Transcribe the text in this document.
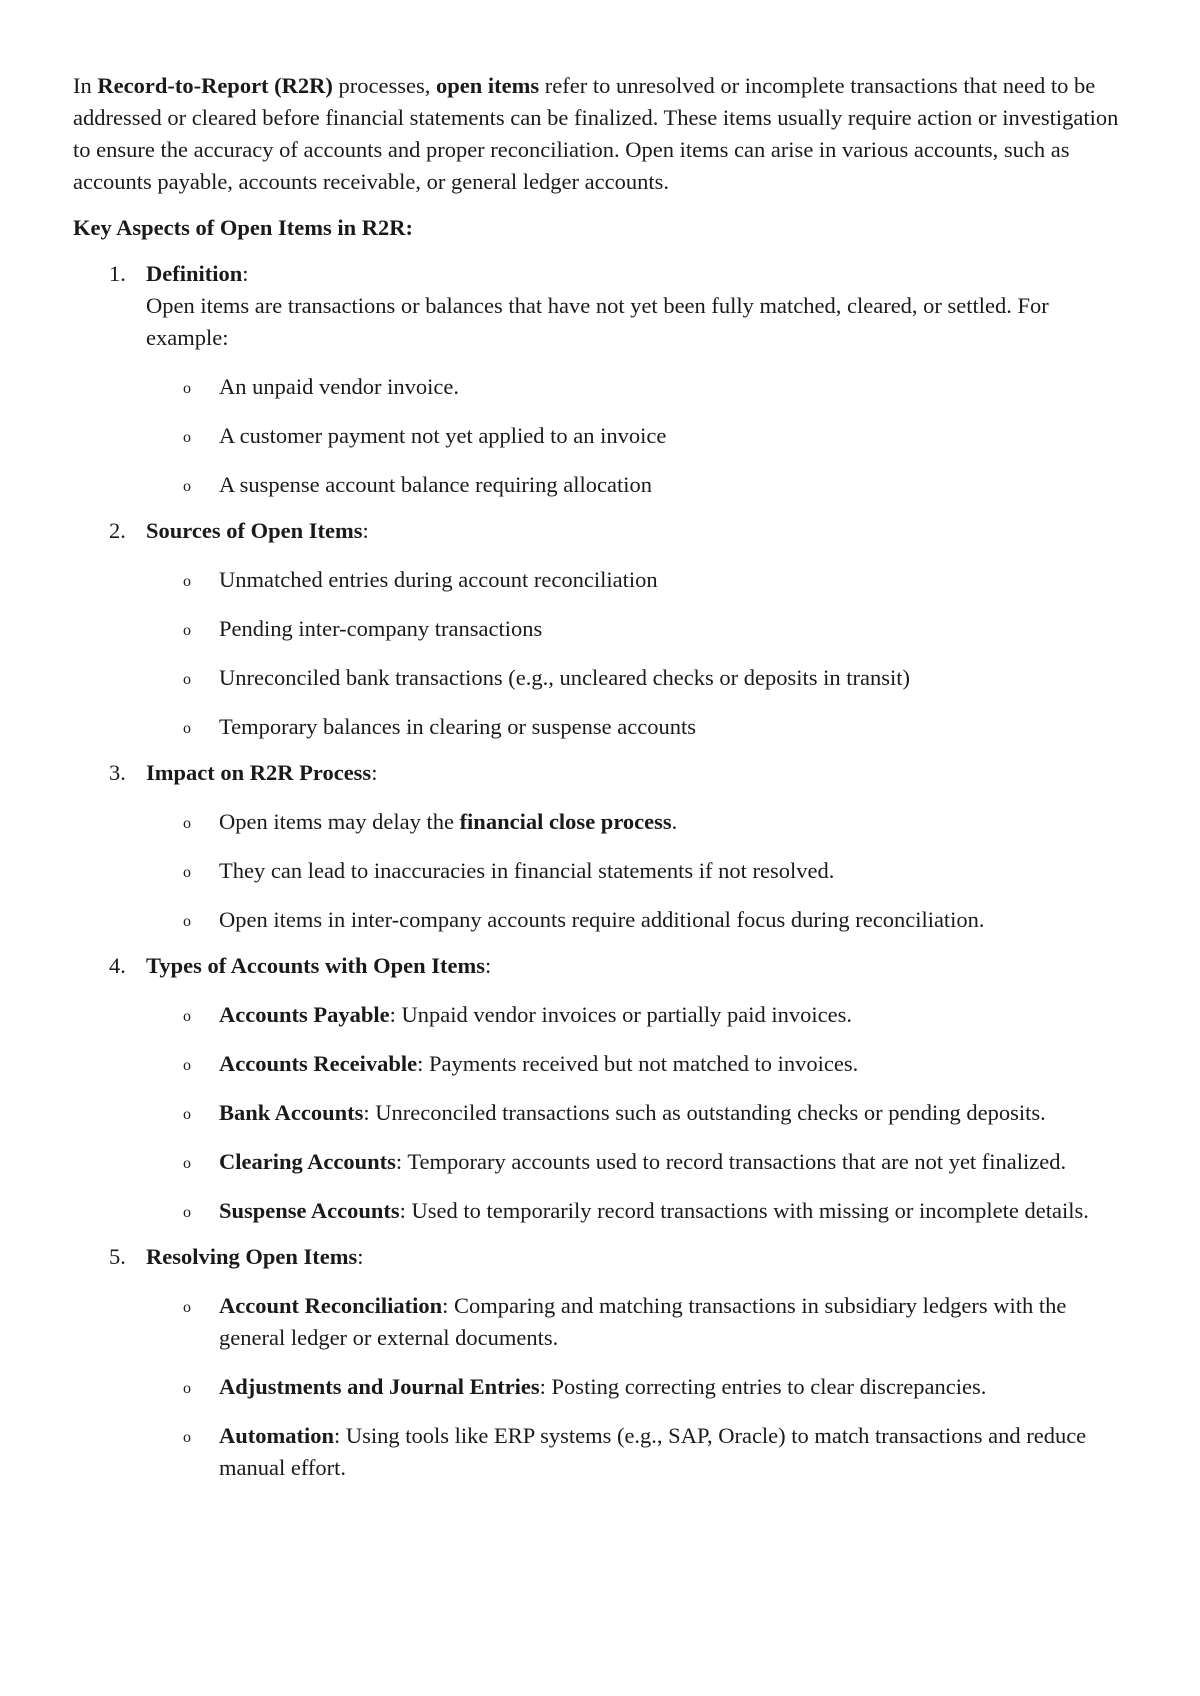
In Record-to-Report (R2R) processes, open items refer to unresolved or incomplete transactions that need to be addressed or cleared before financial statements can be finalized. These items usually require action or investigation to ensure the accuracy of accounts and proper reconciliation. Open items can arise in various accounts, such as accounts payable, accounts receivable, or general ledger accounts.

Key Aspects of Open Items in R2R:
1. Definition:
Open items are transactions or balances that have not yet been fully matched, cleared, or settled. For example:
o An unpaid vendor invoice.
o A customer payment not yet applied to an invoice
o A suspense account balance requiring allocation
2. Sources of Open Items:
o Unmatched entries during account reconciliation
o Pending inter-company transactions
o Unreconciled bank transactions (e.g., uncleared checks or deposits in transit)
o Temporary balances in clearing or suspense accounts
3. Impact on R2R Process:
o Open items may delay the financial close process.
o They can lead to inaccuracies in financial statements if not resolved.
o Open items in inter-company accounts require additional focus during reconciliation.
4. Types of Accounts with Open Items:
o Accounts Payable: Unpaid vendor invoices or partially paid invoices.
o Accounts Receivable: Payments received but not matched to invoices.
o Bank Accounts: Unreconciled transactions such as outstanding checks or pending deposits.
o Clearing Accounts: Temporary accounts used to record transactions that are not yet finalized.
o Suspense Accounts: Used to temporarily record transactions with missing or incomplete details.
5. Resolving Open Items:
o Account Reconciliation: Comparing and matching transactions in subsidiary ledgers with the general ledger or external documents.
o Adjustments and Journal Entries: Posting correcting entries to clear discrepancies.
o Automation: Using tools like ERP systems (e.g., SAP, Oracle) to match transactions and reduce manual effort.
